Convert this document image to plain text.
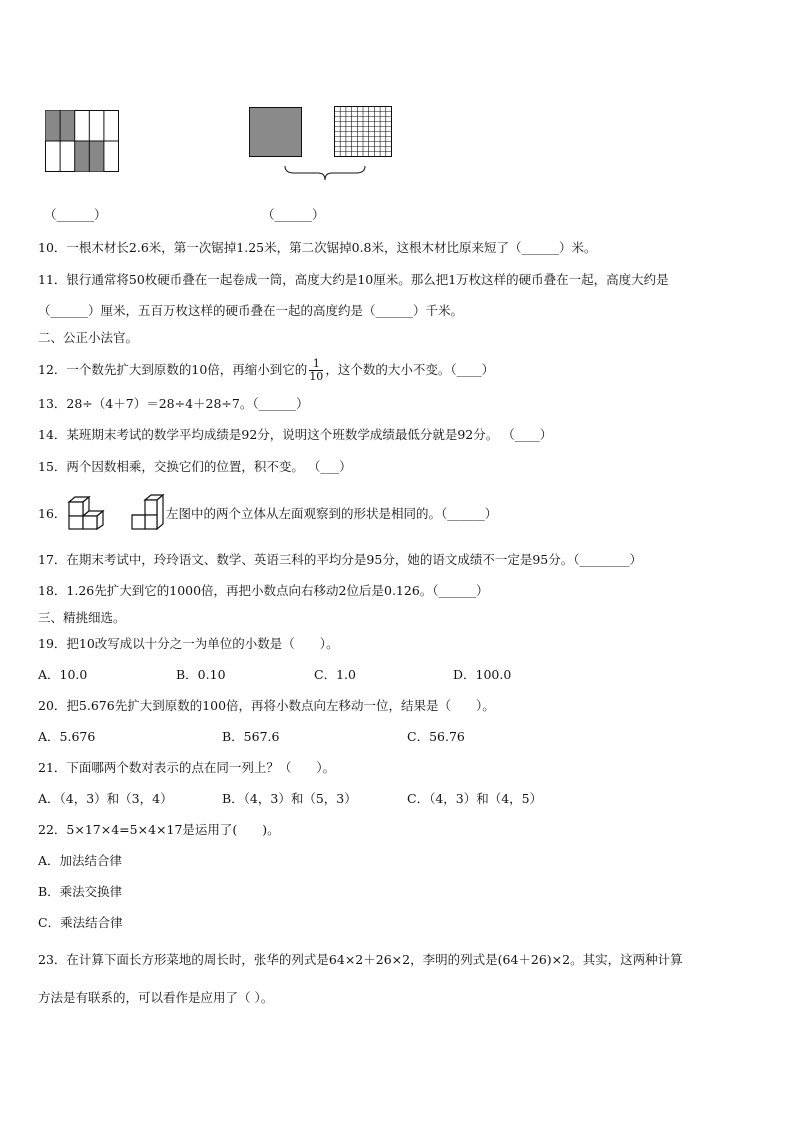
（______）	（______）
10．一根木材长2.6米，第一次锯掉1.25米，第二次锯掉0.8米，这根木材比原来短了（______）米。
11．银行通常将50枚硬币叠在一起卷成一筒，高度大约是10厘米。那么把1万枚这样的硬币叠在一起，高度大约是
（______）厘米，五百万枚这样的硬币叠在一起的高度约是（______）千米。
二、公正小法官。
12．一个数先扩大到原数的10倍，再缩小到它的 $\frac{1}{10}$ ，这个数的大小不变。（____）
13．28÷（4＋7）＝28÷4＋28÷7。（______）
14．某班期末考试的数学平均成绩是92分，说明这个班数学成绩最低分就是92分。 （____）
15．两个因数相乘，交换它们的位置，积不变。 （___）
16．	左图中的两个立体从左面观察到的形状是相同的。（______）
17．在期末考试中，玲玲语文、数学、英语三科的平均分是95分，她的语文成绩不一定是95分。（________）
18．1.26先扩大到它的1000倍，再把小数点向右移动2位后是0.126。（______）
三、精挑细选。
19．把10改写成以十分之一为单位的小数是（　　）。
A．10.0	B．0.10	C．1.0	D．100.0
20．把5.676先扩大到原数的100倍，再将小数点向左移动一位，结果是（　　）。
A．5.676	B．567.6	C．56.76
21．下面哪两个数对表示的点在同一列上？（　　）。
A．（4，3）和（3，4）	B．（4，3）和（5，3）	C．（4，3）和（4，5）
22．5×17×4=5×4×17是运用了(　　)。
A．加法结合律
B．乘法交换律
C．乘法结合律
23．在计算下面长方形菜地的周长时，张华的列式是64×2＋26×2，李明的列式是(64＋26)×2。其实，这两种计算
方法是有联系的，可以看作是应用了（ ）。
